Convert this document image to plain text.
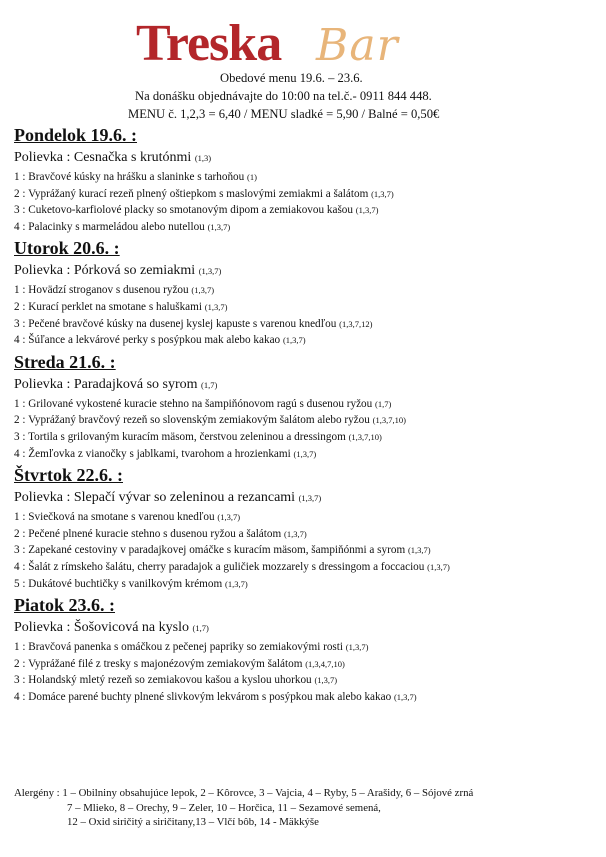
Treska Bar
Obedové menu 19.6. – 23.6.
Na donášku objednávajte do 10:00 na tel.č.- 0911 844 448.
MENU č. 1,2,3 = 6,40 / MENU sladké = 5,90 / Balné = 0,50€
Pondelok 19.6. :
Polievka : Cesnačka s krutónmi (1,3)
1 : Bravčové kúsky na hrášku a slaninke s tarhoňou (1)
2 : Vyprážaný kurací rezeň plnený oštiepkom s maslovými zemiakmi a šalátom (1,3,7)
3 : Cuketovo-karfiolové placky so smotanovým dipom a zemiakovou kašou (1,3,7)
4 : Palacinky s marmeládou alebo nutellou (1,3,7)
Utorok 20.6. :
Polievka : Pórková so zemiakmi (1,3,7)
1 : Hovädzí stroganov s dusenou ryžou (1,3,7)
2 : Kurací perklet na smotane s haluškami (1,3,7)
3 : Pečené bravčové kúsky na dusenej kyslej kapuste s varenou knedľou (1,3,7,12)
4 : Šúľance a lekvárové perky s posýpkou mak alebo kakao (1,3,7)
Streda 21.6. :
Polievka : Paradajková so syrom (1,7)
1 : Grilované vykostené kuracie stehno na šampiňónovom ragú s dusenou ryžou (1,7)
2 : Vyprážaný bravčový rezeň so slovenským zemiakovým šalátom alebo ryžou (1,3,7,10)
3 : Tortila s grilovaným kuracím mäsom, čerstvou zeleninou a dressingom (1,3,7,10)
4 : Žemľovka z vianočky s jablkami, tvarohom a hrozienkami (1,3,7)
Štvrtok 22.6. :
Polievka : Slepačí vývar so zeleninou a rezancami (1,3,7)
1 : Sviečková na smotane s varenou knedľou (1,3,7)
2 : Pečené plnené kuracie stehno s dusenou ryžou a šalátom (1,3,7)
3 : Zapekané cestoviny v paradajkovej omáčke s kuracím mäsom, šampiňónmi a syrom (1,3,7)
4 : Šalát z rímskeho šalátu, cherry paradajok a guličiek mozzarely s dressingom a foccaciou (1,3,7)
5 : Dukátové buchtičky s vanilkovým krémom (1,3,7)
Piatok 23.6. :
Polievka : Šošovicová na kyslo (1,7)
1 : Bravčová panenka s omáčkou z pečenej papriky so zemiakovými rosti (1,3,7)
2 : Vyprážané filé z tresky s majonézovým zemiakovým šalátom (1,3,4,7,10)
3 : Holandský mletý rezeň so zemiakovou kašou a kyslou uhorkou (1,3,7)
4 : Domáce parené buchty plnené slivkovým lekvárom s posýpkou mak alebo kakao (1,3,7)
Alergény : 1 – Obilniny obsahujúce lepok, 2 – Kôrovce, 3 – Vajcia, 4 – Ryby, 5 – Arašidy, 6 – Sójové zrná
7 – Mlieko, 8 – Orechy, 9 – Zeler, 10 – Horčica, 11 – Sezamové semená,
12 – Oxid siričitý a siričitany,13 – Vlčí bôb, 14 - Mäkkýše
